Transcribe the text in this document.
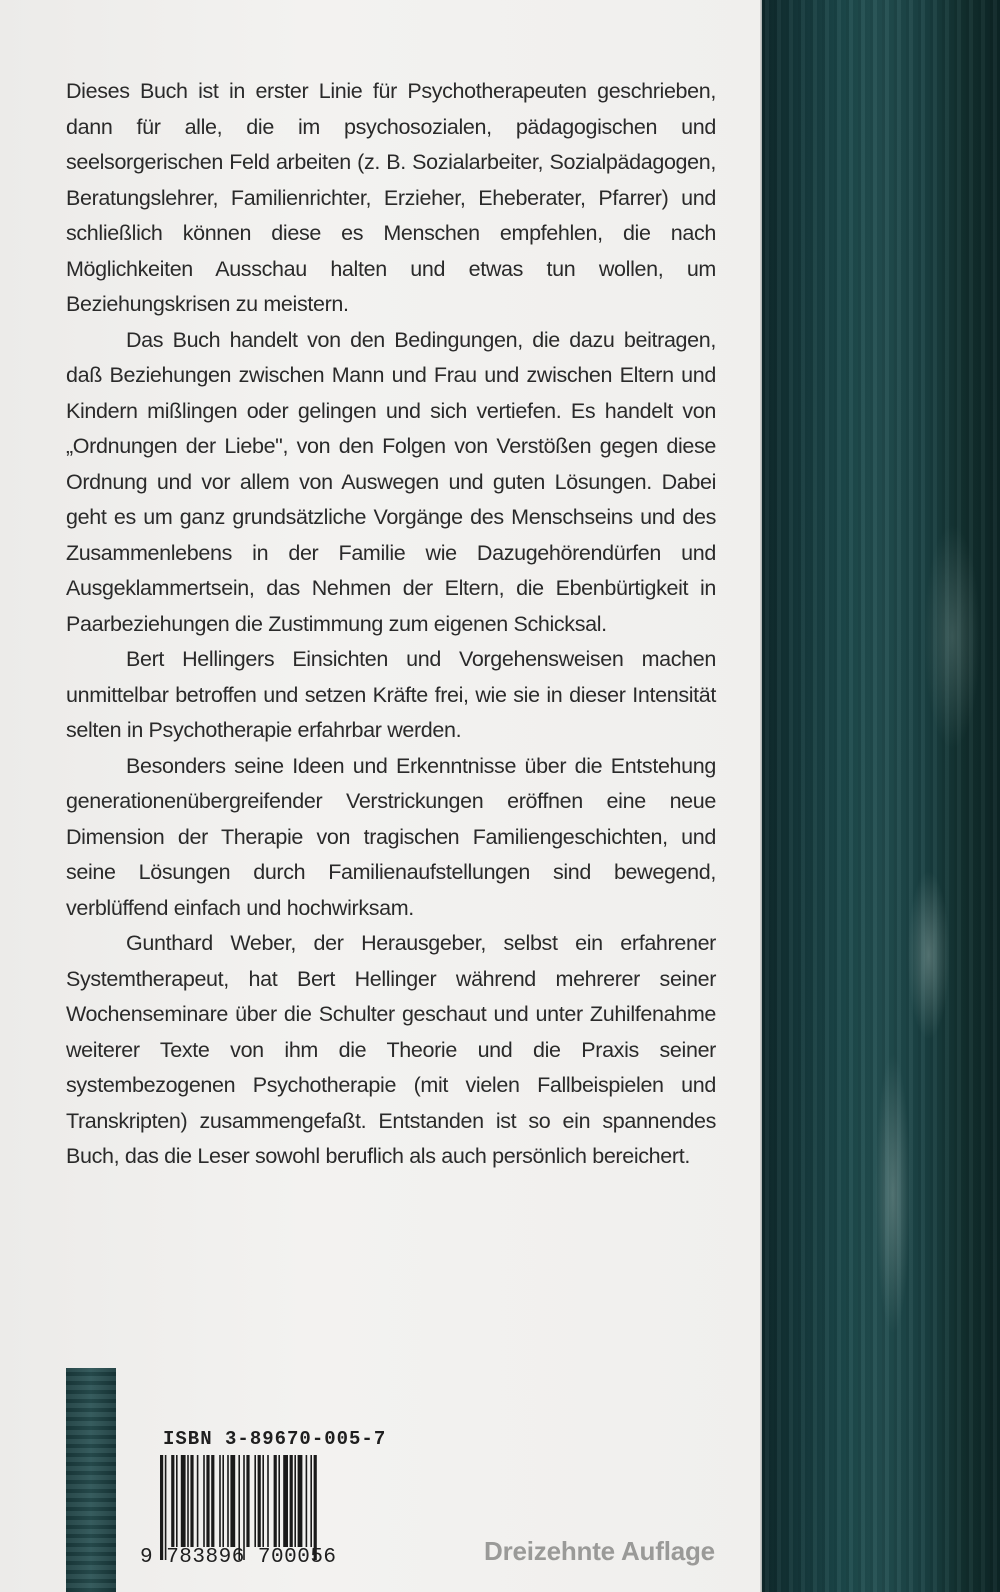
Dieses Buch ist in erster Linie für Psychotherapeuten geschrieben, dann für alle, die im psychosozialen, pädagogischen und seelsorgerischen Feld arbeiten (z. B. Sozialarbeiter, Sozialpädagogen, Beratungslehrer, Familienrichter, Erzieher, Eheberater, Pfarrer) und schließlich können diese es Menschen empfehlen, die nach Möglichkeiten Ausschau halten und etwas tun wollen, um Beziehungskrisen zu meistern.

Das Buch handelt von den Bedingungen, die dazu beitragen, daß Beziehungen zwischen Mann und Frau und zwischen Eltern und Kindern mißlingen oder gelingen und sich vertiefen. Es handelt von „Ordnungen der Liebe", von den Folgen von Verstößen gegen diese Ordnung und vor allem von Auswegen und guten Lösungen. Dabei geht es um ganz grundsätzliche Vorgänge des Menschseins und des Zusammenlebens in der Familie wie Dazugehörendürfen und Ausgeklammertsein, das Nehmen der Eltern, die Ebenbürtigkeit in Paarbeziehungen die Zustimmung zum eigenen Schicksal.

Bert Hellingers Einsichten und Vorgehensweisen machen unmittelbar betroffen und setzen Kräfte frei, wie sie in dieser Intensität selten in Psychotherapie erfahrbar werden.

Besonders seine Ideen und Erkenntnisse über die Entstehung generationenübergreifender Verstrickungen eröffnen eine neue Dimension der Therapie von tragischen Familiengeschichten, und seine Lösungen durch Familienaufstellungen sind bewegend, verblüffend einfach und hochwirksam.

Gunthard Weber, der Herausgeber, selbst ein erfahrener Systemtherapeut, hat Bert Hellinger während mehrerer seiner Wochenseminare über die Schulter geschaut und unter Zuhilfenahme weiterer Texte von ihm die Theorie und die Praxis seiner systembezogenen Psychotherapie (mit vielen Fallbeispielen und Transkripten) zusammengefaßt. Entstanden ist so ein spannendes Buch, das die Leser sowohl beruflich als auch persönlich bereichert.

ISBN 3-89670-005-7
9 783896 700056	Dreizehnte Auflage
